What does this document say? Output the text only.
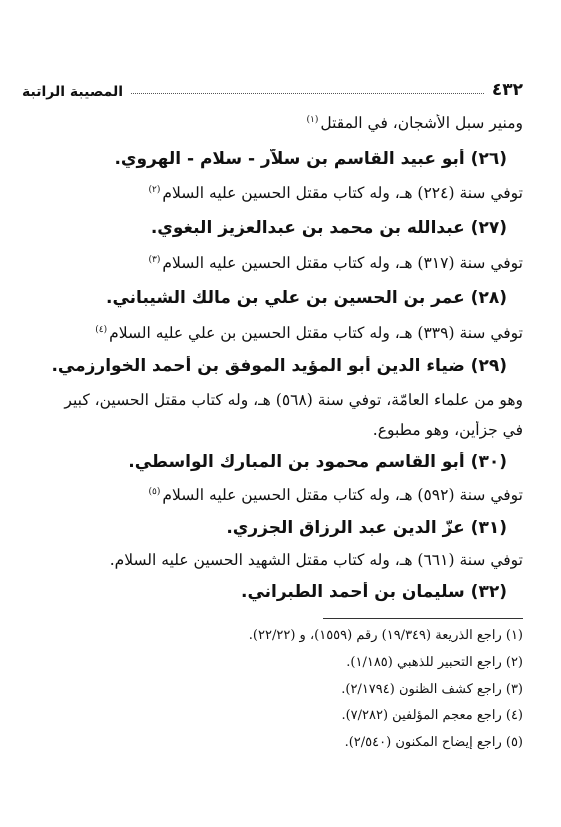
٤٣٢
المصيبة الراتبة
ومنير سبل الأشجان، في المقتل$^{(١)}$
(٢٦) أبو عبيد القاسم بن سلاّر - سلام - الهروي.
توفي سنة (٢٢٤) هـ، وله كتاب مقتل الحسين عليه السلام$^{(٢)}$
(٢٧) عبدالله بن محمد بن عبدالعزيز البغوي.
توفي سنة (٣١٧) هـ، وله كتاب مقتل الحسين عليه السلام$^{(٣)}$
(٢٨) عمر بن الحسين بن علي بن مالك الشيباني.
توفي سنة (٣٣٩) هـ، وله كتاب مقتل الحسين بن علي عليه السلام$^{(٤)}$
(٢٩) ضياء الدين أبو المؤيد الموفق بن أحمد الخوارزمي.
وهو من علماء العامّة، توفي سنة (٥٦٨) هـ، وله كتاب مقتل الحسين، كبير
في جزأين، وهو مطبوع.
(٣٠) أبو القاسم محمود بن المبارك الواسطي.
توفي سنة (٥٩٢) هـ، وله كتاب مقتل الحسين عليه السلام$^{(٥)}$
(٣١) عزّ الدين عبد الرزاق الجزري.
توفي سنة (٦٦١) هـ، وله كتاب مقتل الشهيد الحسين عليه السلام.
(٣٢) سليمان بن أحمد الطبراني.
(١) راجع الذريعة (١٩/٣٤٩) رقم (١٥٥٩)، و (٢٢/٢٢).
(٢) راجع التحبير للذهبي (١/١٨٥).
(٣) راجع كشف الظنون (٢/١٧٩٤).
(٤) راجع معجم المؤلفين (٧/٢٨٢).
(٥) راجع إيضاح المكنون (٢/٥٤٠).
